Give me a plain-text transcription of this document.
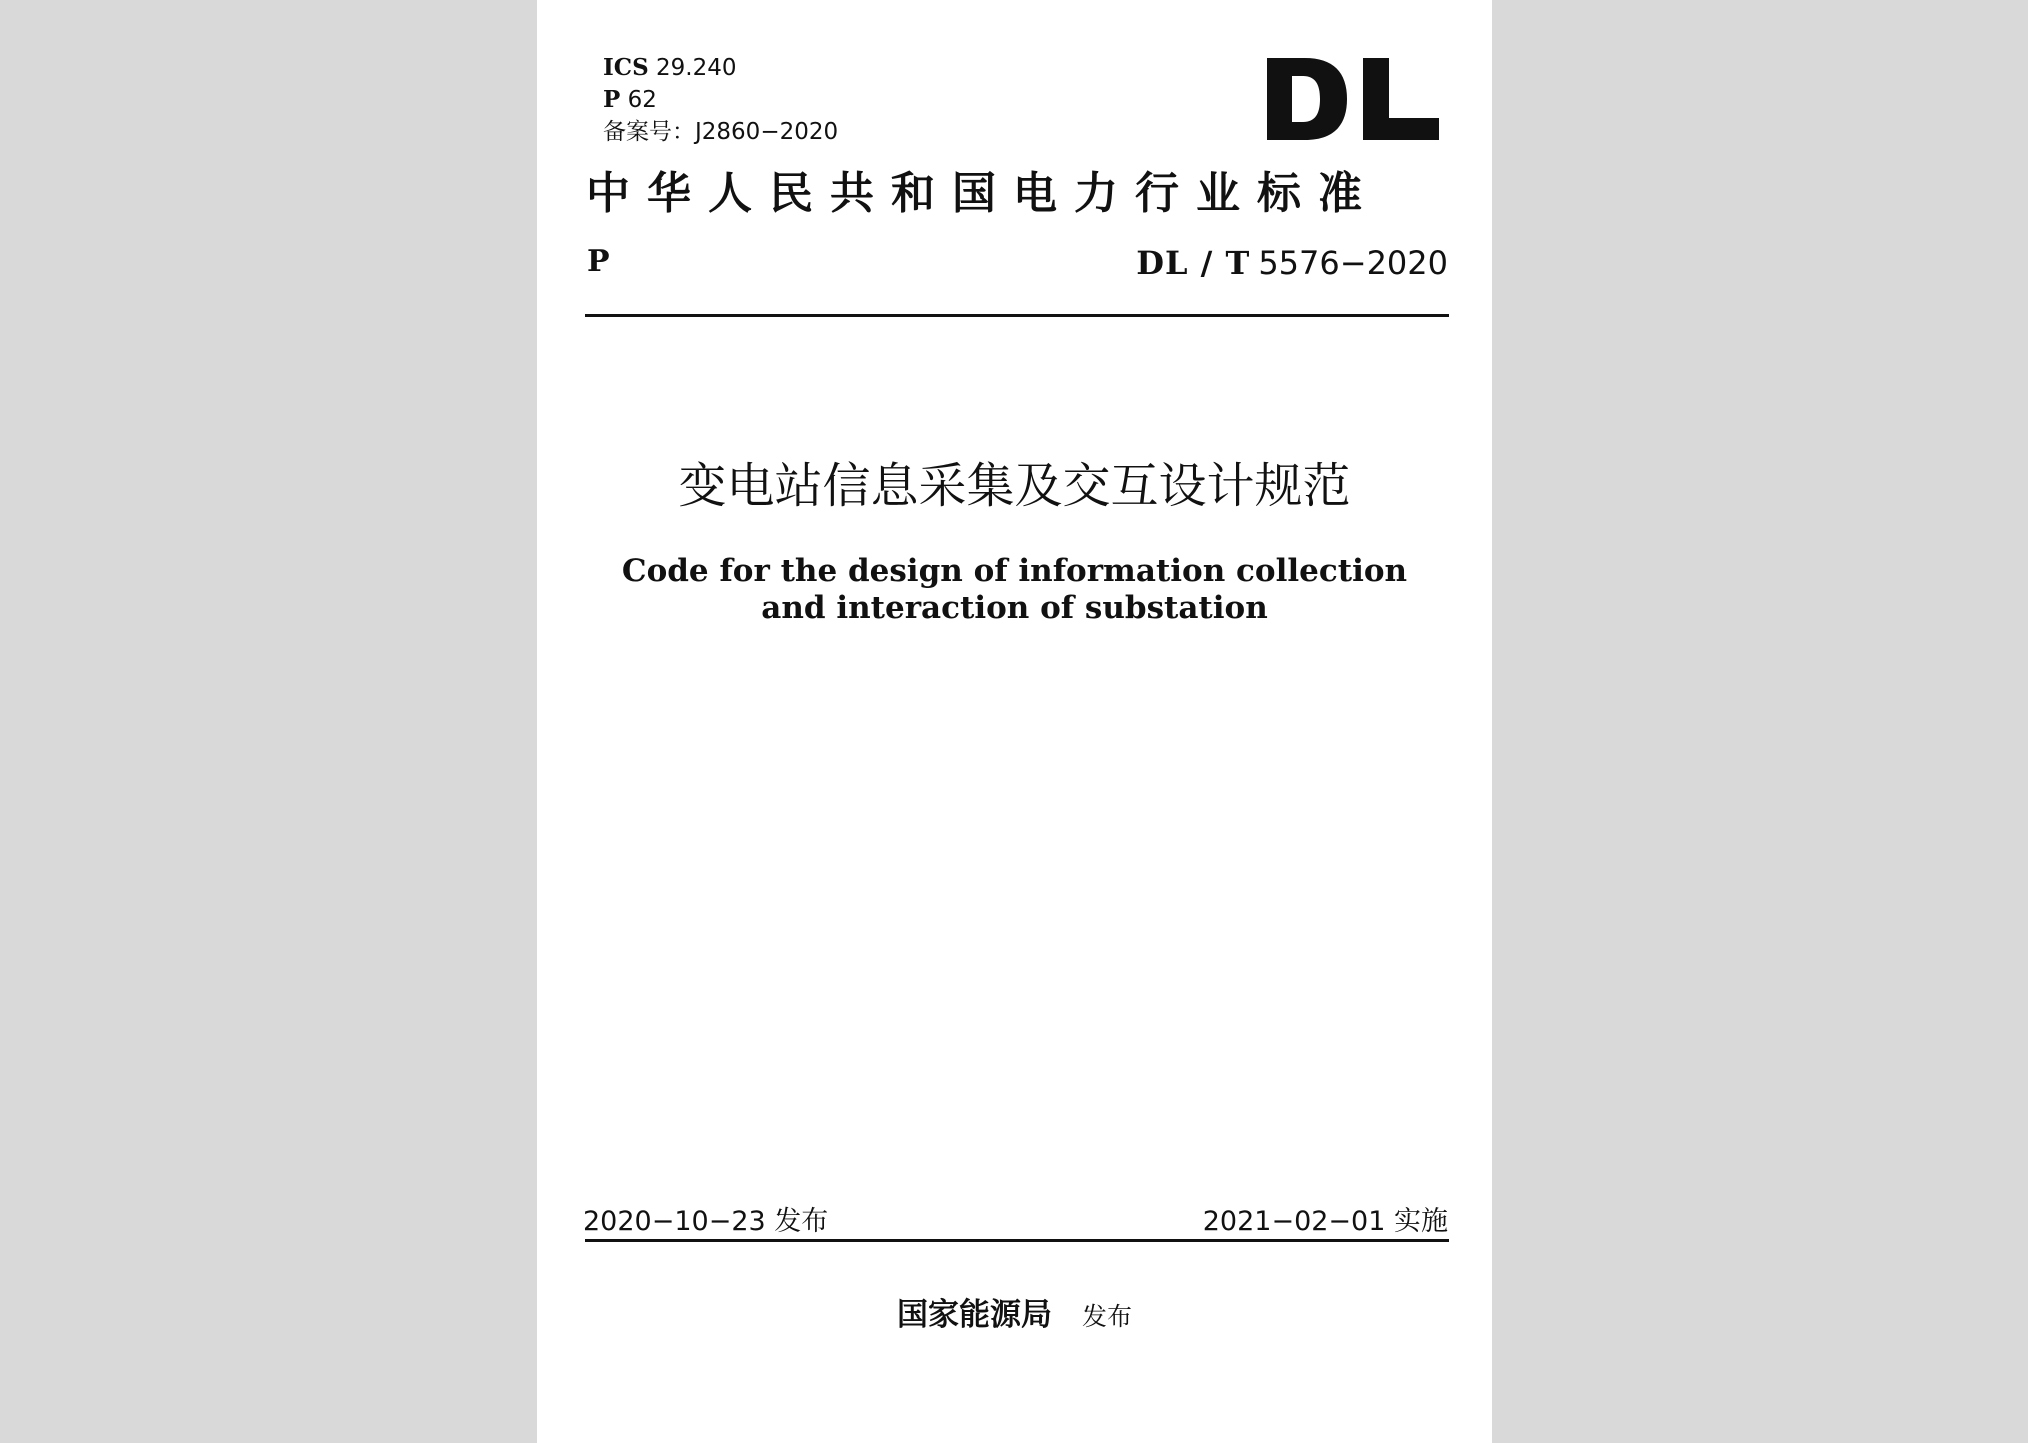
ICS 29.240
P 62
备案号：J2860−2020
中华人民共和国电力行业标准
P	DL / T 5576−2020
变电站信息采集及交互设计规范
Code for the design of information collection
and interaction of substation
2020−10−23 发布	2021−02−01 实施
国家能源局 发布
